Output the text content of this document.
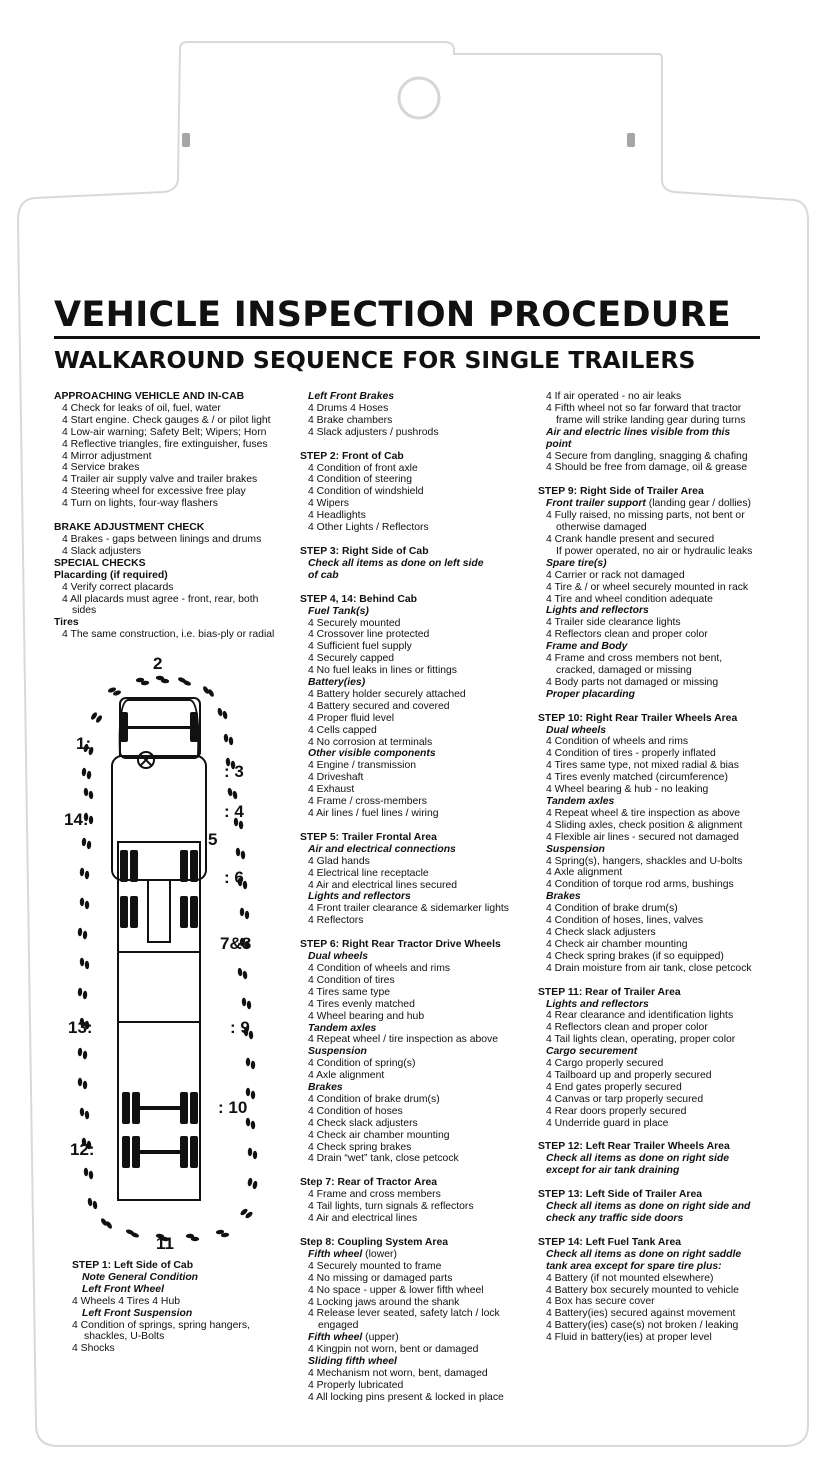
VEHICLE INSPECTION PROCEDURE
WALKAROUND SEQUENCE FOR SINGLE TRAILERS
APPROACHING VEHICLE AND IN-CAB
4 Check for leaks of oil, fuel, water
4 Start engine. Check gauges & / or pilot light
4 Low-air warning; Safety Belt; Wipers; Horn
4 Reflective triangles, fire extinguisher, fuses
4 Mirror adjustment
4 Service brakes
4 Trailer air supply valve and trailer brakes
4 Steering wheel for excessive free play
4 Turn on lights, four-way flashers
BRAKE ADJUSTMENT CHECK
4 Brakes - gaps between linings and drums
4 Slack adjusters
SPECIAL CHECKS
Placarding (if required)
4 Verify correct placards
4 All placards must agree - front, rear, both
sides
Tires
4 The same construction, i.e. bias-ply or radial
Left Front Brakes
4 Drums 4 Hoses
4 Brake chambers
4 Slack adjusters / pushrods
STEP 2: Front of Cab
4 Condition of front axle
4 Condition of steering
4 Condition of windshield
4 Wipers
4 Headlights
4 Other Lights / Reflectors
STEP 3: Right Side of Cab
Check all items as done on left side
of cab
STEP 4, 14: Behind Cab
Fuel Tank(s)
4 Securely mounted
4 Crossover line protected
4 Sufficient fuel supply
4 Securely capped
4 No fuel leaks in lines or fittings
Battery(ies)
4 Battery holder securely attached
4 Battery secured and covered
4 Proper fluid level
4 Cells capped
4 No corrosion at terminals
Other visible components
4 Engine / transmission
4 Driveshaft
4 Exhaust
4 Frame / cross-members
4 Air lines / fuel lines / wiring
STEP 5: Trailer Frontal Area
Air and electrical connections
4 Glad hands
4 Electrical line receptacle
4 Air and electrical lines secured
Lights and reflectors
4 Front trailer clearance & sidemarker lights
4 Reflectors
STEP 6: Right Rear Tractor Drive Wheels
Dual wheels
4 Condition of wheels and rims
4 Condition of tires
4 Tires same type
4 Tires evenly matched
4 Wheel bearing and hub
Tandem axles
4 Repeat wheel / tire inspection as above
Suspension
4 Condition of spring(s)
4 Axle alignment
Brakes
4 Condition of brake drum(s)
4 Condition of hoses
4 Check slack adjusters
4 Check air chamber mounting
4 Check spring brakes
4 Drain “wet” tank, close petcock
Step 7: Rear of Tractor Area
4 Frame and cross members
4 Tail lights, turn signals & reflectors
4 Air and electrical lines
Step 8: Coupling System Area
Fifth wheel (lower)
4 Securely mounted to frame
4 No missing or damaged parts
4 No space - upper & lower fifth wheel
4 Locking jaws around the shank
4 Release lever seated, safety latch / lock
engaged
Fifth wheel (upper)
4 Kingpin not worn, bent or damaged
Sliding fifth wheel
4 Mechanism not worn, bent, damaged
4 Properly lubricated
4 All locking pins present & locked in place
4 If air operated - no air leaks
4 Fifth wheel not so far forward that tractor
frame will strike landing gear during turns
Air and electric lines visible from this
point
4 Secure from dangling, snagging & chafing
4 Should be free from damage, oil & grease
STEP 9: Right Side of Trailer Area
Front trailer support (landing gear / dollies)
4 Fully raised, no missing parts, not bent or
otherwise damaged
4 Crank handle present and secured
If power operated, no air or hydraulic leaks
Spare tire(s)
4 Carrier or rack not damaged
4 Tire & / or wheel securely mounted in rack
4 Tire and wheel condition adequate
Lights and reflectors
4 Trailer side clearance lights
4 Reflectors clean and proper color
Frame and Body
4 Frame and cross members not bent,
cracked, damaged or missing
4 Body parts not damaged or missing
Proper placarding
STEP 10: Right Rear Trailer Wheels Area
Dual wheels
4 Condition of wheels and rims
4 Condition of tires - properly inflated
4 Tires same type, not mixed radial & bias
4 Tires evenly matched (circumference)
4 Wheel bearing & hub - no leaking
Tandem axles
4 Repeat wheel & tire inspection as above
4 Sliding axles, check position & alignment
4 Flexible air lines - secured not damaged
Suspension
4 Spring(s), hangers, shackles and U-bolts
4 Axle alignment
4 Condition of torque rod arms, bushings
Brakes
4 Condition of brake drum(s)
4 Condition of hoses, lines, valves
4 Check slack adjusters
4 Check air chamber mounting
4 Check spring brakes (if so equipped)
4 Drain moisture from air tank, close petcock
STEP 11: Rear of Trailer Area
Lights and reflectors
4 Rear clearance and identification lights
4 Reflectors clean and proper color
4 Tail lights clean, operating, proper color
Cargo securement
4 Cargo properly secured
4 Tailboard up and properly secured
4 End gates properly secured
4 Canvas or tarp properly secured
4 Rear doors properly secured
4 Underride guard in place
STEP 12: Left Rear Trailer Wheels Area
Check all items as done on right side
except for air tank draining
STEP 13: Left Side of Trailer Area
Check all items as done on right side and
check any traffic side doors
STEP 14: Left Fuel Tank Area
Check all items as done on right saddle
tank area except for spare tire plus:
4 Battery (if not mounted elsewhere)
4 Battery box securely mounted to vehicle
4 Box has secure cover
4 Battery(ies) secured against movement
4 Battery(ies) case(s) not broken / leaking
4 Fluid in battery(ies) at proper level
2
1:
: 3
: 4
14:
5
: 6
7&8
13:	: 9
: 10
12:
11
STEP 1: Left Side of Cab
Note General Condition
Left Front Wheel
4 Wheels 4 Tires 4 Hub
Left Front Suspension
4 Condition of springs, spring hangers,
shackles, U-Bolts
4 Shocks
